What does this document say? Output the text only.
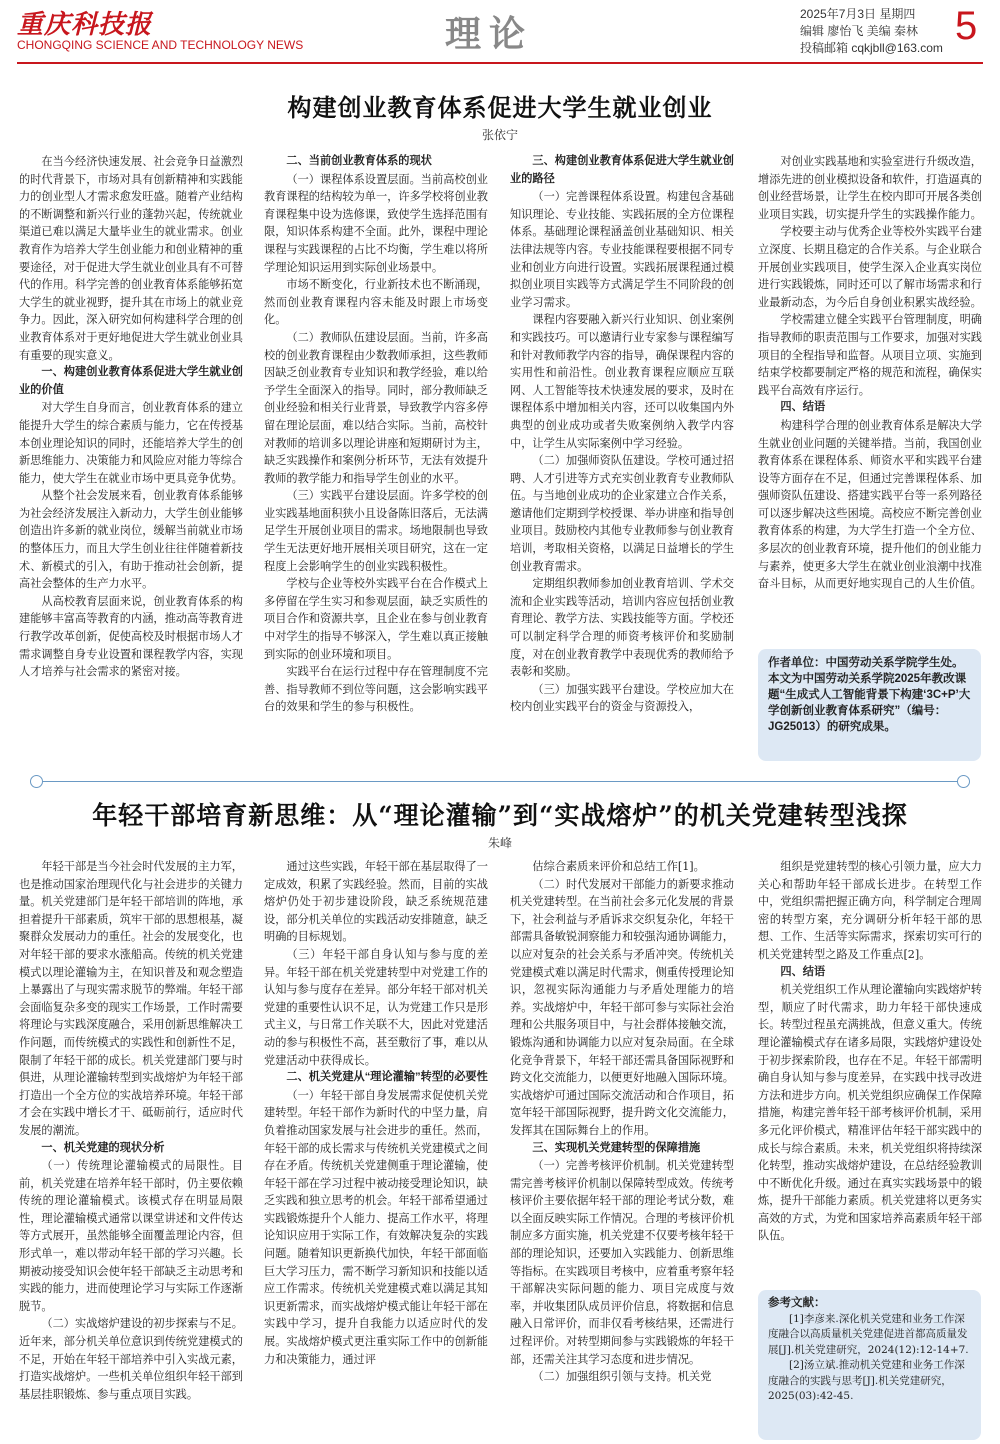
重庆科技报
CHONGQING SCIENCE AND TECHNOLOGY NEWS	理论	2025年7月3日 星期四
编辑 廖怡飞 美编 秦林
投稿邮箱 cqkjbll@163.com 5
构建创业教育体系促进大学生就业创业
张依宁

在当今经济快速发展、社会竞争日益激烈的时代背景下，市场对具有创新精神和实践能力的创业型人才需求愈发旺盛。随着产业结构的不断调整和新兴行业的蓬勃兴起，传统就业渠道已难以满足大量毕业生的就业需求。创业教育作为培养大学生创业能力和创业精神的重要途径，对于促进大学生就业创业具有不可替代的作用。科学完善的创业教育体系能够拓宽大学生的就业视野，提升其在市场上的就业竞争力。因此，深入研究如何构建科学合理的创业教育体系对于更好地促进大学生就业创业具有重要的现实意义。

一、构建创业教育体系促进大学生就业创业的价值

对大学生自身而言，创业教育体系的建立能提升大学生的综合素质与能力，它在传授基本创业理论知识的同时，还能培养大学生的创新思维能力、决策能力和风险应对能力等综合能力，使大学生在就业市场中更具竞争优势。

从整个社会发展来看，创业教育体系能够为社会经济发展注入新动力，大学生创业能够创造出许多新的就业岗位，缓解当前就业市场的整体压力，而且大学生创业往往伴随着新技术、新模式的引入，有助于推动社会创新，提高社会整体的生产力水平。

从高校教育层面来说，创业教育体系的构建能够丰富高等教育的内涵，推动高等教育进行教学改革创新，促使高校及时根据市场人才需求调整自身专业设置和课程教学内容，实现人才培养与社会需求的紧密对接。

二、当前创业教育体系的现状

（一）课程体系设置层面。当前高校创业教育课程的结构较为单一，许多学校将创业教育课程集中设为选修课，致使学生选择范围有限，知识体系构建不全面。此外，课程中理论课程与实践课程的占比不均衡，学生难以将所学理论知识运用到实际创业场景中。

市场不断变化，行业新技术也不断涌现，然而创业教育课程内容未能及时跟上市场变化。

（二）教师队伍建设层面。当前，许多高校的创业教育课程由少数教师承担，这些教师因缺乏创业教育专业知识和教学经验，难以给予学生全面深入的指导。同时，部分教师缺乏创业经验和相关行业背景，导致教学内容多停留在理论层面，难以结合实际。当前，高校针对教师的培训多以理论讲座和短期研讨为主，缺乏实践操作和案例分析环节，无法有效提升教师的教学能力和指导学生创业的水平。

（三）实践平台建设层面。许多学校的创业实践基地面积狭小且设备陈旧落后，无法满足学生开展创业项目的需求。场地限制也导致学生无法更好地开展相关项目研究，这在一定程度上会影响学生的创业实践积极性。

学校与企业等校外实践平台在合作模式上多停留在学生实习和参观层面，缺乏实质性的项目合作和资源共享，且企业在参与创业教育中对学生的指导不够深入，学生难以真正接触到实际的创业环境和项目。

实践平台在运行过程中存在管理制度不完善、指导教师不到位等问题，这会影响实践平台的效果和学生的参与积极性。

三、构建创业教育体系促进大学生就业创业的路径

（一）完善课程体系设置。构建包含基础知识理论、专业技能、实践拓展的全方位课程体系。基础理论课程涵盖创业基础知识、相关法律法规等内容。专业技能课程要根据不同专业和创业方向进行设置。实践拓展课程通过模拟创业项目实践等方式满足学生不同阶段的创业学习需求。

课程内容要融入新兴行业知识、创业案例和实践技巧。可以邀请行业专家参与课程编写和针对教师教学内容的指导，确保课程内容的实用性和前沿性。创业教育课程应顺应互联网、人工智能等技术快速发展的要求，及时在课程体系中增加相关内容，还可以收集国内外典型的创业成功或者失败案例纳入教学内容中，让学生从实际案例中学习经验。

（二）加强师资队伍建设。学校可通过招聘、人才引进等方式充实创业教育专业教师队伍。与当地创业成功的企业家建立合作关系，邀请他们定期到学校授课、举办讲座和指导创业项目。鼓励校内其他专业教师参与创业教育培训，考取相关资格，以满足日益增长的学生创业教育需求。

定期组织教师参加创业教育培训、学术交流和企业实践等活动，培训内容应包括创业教育理论、教学方法、实践技能等方面。学校还可以制定科学合理的师资考核评价和奖励制度，对在创业教育教学中表现优秀的教师给予表彰和奖励。

（三）加强实践平台建设。学校应加大在校内创业实践平台的资金与资源投入，

对创业实践基地和实验室进行升级改造，增添先进的创业模拟设备和软件，打造逼真的创业经营场景，让学生在校内即可开展各类创业项目实践，切实提升学生的实践操作能力。

学校要主动与优秀企业等校外实践平台建立深度、长期且稳定的合作关系。与企业联合开展创业实践项目，使学生深入企业真实岗位进行实践锻炼，同时还可以了解市场需求和行业最新动态，为今后自身创业积累实战经验。

学校需建立健全实践平台管理制度，明确指导教师的职责范围与工作要求，加强对实践项目的全程指导和监督。从项目立项、实施到结束学校都要制定严格的规范和流程，确保实践平台高效有序运行。

四、结语

构建科学合理的创业教育体系是解决大学生就业创业问题的关键举措。当前，我国创业教育体系在课程体系、师资水平和实践平台建设等方面存在不足，但通过完善课程体系、加强师资队伍建设、搭建实践平台等一系列路径可以逐步解决这些困境。高校应不断完善创业教育体系的构建，为大学生打造一个全方位、多层次的创业教育环境，提升他们的创业能力与素养，使更多大学生在就业创业浪潮中找准奋斗目标，从而更好地实现自己的人生价值。

作者单位：中国劳动关系学院学生处。本文为中国劳动关系学院2025年教改课题“生成式人工智能背景下构建‘3C+P’大学创新创业教育体系研究”（编号：JG25013）的研究成果。
年轻干部培育新思维：从“理论灌输”到“实战熔炉”的机关党建转型浅探
朱峰

年轻干部是当今社会时代发展的主力军，也是推动国家治理现代化与社会进步的关键力量。机关党建部门是年轻干部培训的阵地，承担着提升干部素质，筑牢干部的思想根基，凝聚群众发展动力的重任。社会的发展变化，也对年轻干部的要求水涨船高。传统的机关党建模式以理论灌输为主，在知识普及和观念塑造上暴露出了与现实需求脱节的弊端。年轻干部会面临复杂多变的现实工作场景，工作时需要将理论与实践深度融合，采用创新思维解决工作问题，而传统模式的实践性和创新性不足，限制了年轻干部的成长。机关党建部门要与时俱进，从理论灌输转型到实战熔炉为年轻干部打造出一个全方位的实战培养环境。年轻干部才会在实践中增长才干、砥砺前行，适应时代发展的潮流。

一、机关党建的现状分析

（一）传统理论灌输模式的局限性。目前，机关党建在培养年轻干部时，仍主要依赖传统的理论灌输模式。该模式存在明显局限性，理论灌输模式通常以课堂讲述和文件传达等方式展开，虽然能够全面覆盖理论内容，但形式单一，难以带动年轻干部的学习兴趣。长期被动接受知识会使年轻干部缺乏主动思考和实践的能力，进而使理论学习与实际工作逐渐脱节。

（二）实战熔炉建设的初步探索与不足。近年来，部分机关单位意识到传统党建模式的不足，开始在年轻干部培养中引入实战元素，打造实战熔炉。一些机关单位组织年轻干部到基层挂职锻炼、参与重点项目实践。

通过这些实践，年轻干部在基层取得了一定成效，积累了实践经验。然而，目前的实战熔炉仍处于初步建设阶段，缺乏系统规范建设，部分机关单位的实践活动安排随意，缺乏明确的目标规划。

（三）年轻干部自身认知与参与度的差异。年轻干部在机关党建转型中对党建工作的认知与参与度存在差异。部分年轻干部对机关党建的重要性认识不足，认为党建工作只是形式主义，与日常工作关联不大，因此对党建活动的参与积极性不高，甚至敷衍了事，难以从党建活动中获得成长。

二、机关党建从“理论灌输”转型的必要性

（一）年轻干部自身发展需求促使机关党建转型。年轻干部作为新时代的中坚力量，肩负着推动国家发展与社会进步的重任。然而，年轻干部的成长需求与传统机关党建模式之间存在矛盾。传统机关党建侧重于理论灌输，使年轻干部在学习过程中被动接受理论知识，缺乏实践和独立思考的机会。年轻干部希望通过实践锻炼提升个人能力、提高工作水平，将理论知识应用于实际工作，有效解决复杂的实践问题。随着知识更新换代加快，年轻干部面临巨大学习压力，需不断学习新知识和技能以适应工作需求。传统机关党建模式难以满足其知识更新需求，而实战熔炉模式能让年轻干部在实践中学习，提升自我能力以适应时代的发展。实战熔炉模式更注重实际工作中的创新能力和决策能力，通过评

估综合素质来评价和总结工作[1]。

（二）时代发展对干部能力的新要求推动机关党建转型。在当前社会多元化发展的背景下，社会利益与矛盾诉求交织复杂化，年轻干部需具备敏锐洞察能力和较强沟通协调能力，以应对复杂的社会关系与矛盾冲突。传统机关党建模式难以满足时代需求，侧重传授理论知识，忽视实际沟通能力与矛盾处理能力的培养。实战熔炉中，年轻干部可参与实际社会治理和公共服务项目中，与社会群体接触交流，锻炼沟通和协调能力以应对复杂局面。在全球化竞争背景下，年轻干部还需具备国际视野和跨文化交流能力，以便更好地融入国际环境。实战熔炉可通过国际交流活动和合作项目，拓宽年轻干部国际视野，提升跨文化交流能力，发挥其在国际舞台上的作用。

三、实现机关党建转型的保障措施

（一）完善考核评价机制。机关党建转型需完善考核评价机制以保障转型成效。传统考核评价主要依据年轻干部的理论考试分数，难以全面反映实际工作情况。合理的考核评价机制应多方面实施，机关党建不仅要考核年轻干部的理论知识，还要加入实践能力、创新思维等指标。在实践项目考核中，应着重考察年轻干部解决实际问题的能力、项目完成度与效率，并收集团队成员评价信息，将数据和信息融入日常评价，而非仅看考核结果，还需进行过程评价。对转型期间参与实践锻炼的年轻干部，还需关注其学习态度和进步情况。

（二）加强组织引领与支持。机关党

组织是党建转型的核心引领力量，应大力关心和帮助年轻干部成长进步。在转型工作中，党组织需把握正确方向，科学制定合理周密的转型方案，充分调研分析年轻干部的思想、工作、生活等实际需求，探索切实可行的机关党建转型之路及工作重点[2]。

四、结语

机关党组织工作从理论灌输向实践熔炉转型，顺应了时代需求，助力年轻干部快速成长。转型过程虽充满挑战，但意义重大。传统理论灌输模式存在诸多局限，实践熔炉建设处于初步探索阶段，也存在不足。年轻干部需明确自身认知与参与度差异，在实践中找寻改进方法和进步方向。机关党组织应确保工作保障措施，构建完善年轻干部考核评价机制，采用多元化评价模式，精准评估年轻干部实践中的成长与综合素质。未来，机关党组织将持续深化转型，推动实战熔炉建设，在总结经验教训中不断优化升级。通过在真实实践场景中的锻炼，提升干部能力素质。机关党建将以更务实高效的方式，为党和国家培养高素质年轻干部队伍。

参考文献：

[1]李彦来.深化机关党建和业务工作深度融合以高质量机关党建促进首都高质量发展[J].机关党建研究，2024(12):12-14+7.

[2]汤立斌.推动机关党建和业务工作深度融合的实践与思考[J].机关党建研究，2025(03):42-45.
